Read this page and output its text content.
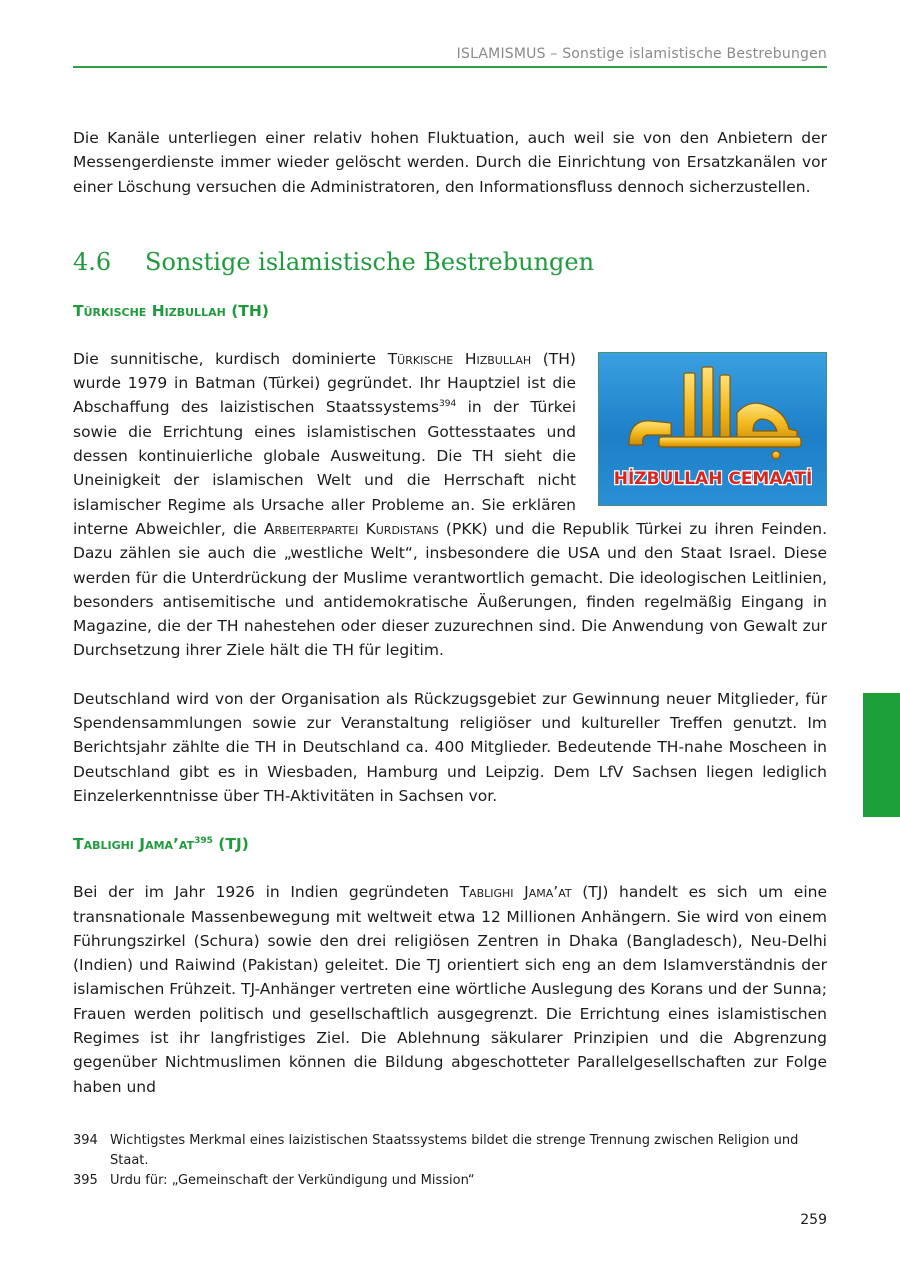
ISLAMISMUS – Sonstige islamistische Bestrebungen

Die Kanäle unterliegen einer relativ hohen Fluktuation, auch weil sie von den Anbietern der Messengerdienste immer wieder gelöscht werden. Durch die Einrichtung von Ersatzkanälen vor einer Löschung versuchen die Administratoren, den Informationsfluss dennoch sicherzustellen.

4.6 Sonstige islamistische Bestrebungen
Türkische Hizbullah (TH)
HİZBULLAH CEMAATİ

Die sunnitische, kurdisch dominierte Türkische Hizbullah (TH) wurde 1979 in Batman (Türkei) gegründet. Ihr Hauptziel ist die Abschaffung des laizistischen Staatssystems$^{394}$ in der Türkei sowie die Errichtung eines islamistischen Gottesstaates und dessen kontinuierliche globale Ausweitung. Die TH sieht die Uneinigkeit der islamischen Welt und die Herrschaft nicht islamischer Regime als Ursache aller Probleme an. Sie erklären interne Abweichler, die Arbeiterpartei Kurdistans (PKK) und die Republik Türkei zu ihren Feinden. Dazu zählen sie auch die „westliche Welt“, insbesondere die USA und den Staat Israel. Diese werden für die Unterdrückung der Muslime verantwortlich gemacht. Die ideologischen Leitlinien, besonders antisemitische und antidemokratische Äußerungen, finden regelmäßig Eingang in Magazine, die der TH nahestehen oder dieser zuzurechnen sind. Die Anwendung von Gewalt zur Durchsetzung ihrer Ziele hält die TH für legitim.

Deutschland wird von der Organisation als Rückzugsgebiet zur Gewinnung neuer Mitglieder, für Spendensammlungen sowie zur Veranstaltung religiöser und kultureller Treffen genutzt. Im Berichtsjahr zählte die TH in Deutschland ca. 400 Mitglieder. Bedeutende TH-nahe Moscheen in Deutschland gibt es in Wiesbaden, Hamburg und Leipzig. Dem LfV Sachsen liegen lediglich Einzelerkenntnisse über TH-Aktivitäten in Sachsen vor.

Tablighi $Jama’at^{395}$ (TJ)

Bei der im Jahr 1926 in Indien gegründeten Tablighi Jama’at (TJ) handelt es sich um eine transnationale Massenbewegung mit weltweit etwa 12 Millionen Anhängern. Sie wird von einem Führungszirkel (Schura) sowie den drei religiösen Zentren in Dhaka (Bangladesch), Neu-Delhi (Indien) und Raiwind (Pakistan) geleitet. Die TJ orientiert sich eng an dem Islamverständnis der islamischen Frühzeit. TJ-Anhänger vertreten eine wörtliche Auslegung des Korans und der Sunna; Frauen werden politisch und gesellschaftlich ausgegrenzt. Die Errichtung eines islamistischen Regimes ist ihr langfristiges Ziel. Die Ablehnung säkularer Prinzipien und die Abgrenzung gegenüber Nichtmuslimen können die Bildung abgeschotteter Parallelgesellschaften zur Folge haben und

394 Wichtigstes Merkmal eines laizistischen Staatssystems bildet die strenge Trennung zwischen Religion und Staat.
395 Urdu für: „Gemeinschaft der Verkündigung und Mission“
259
